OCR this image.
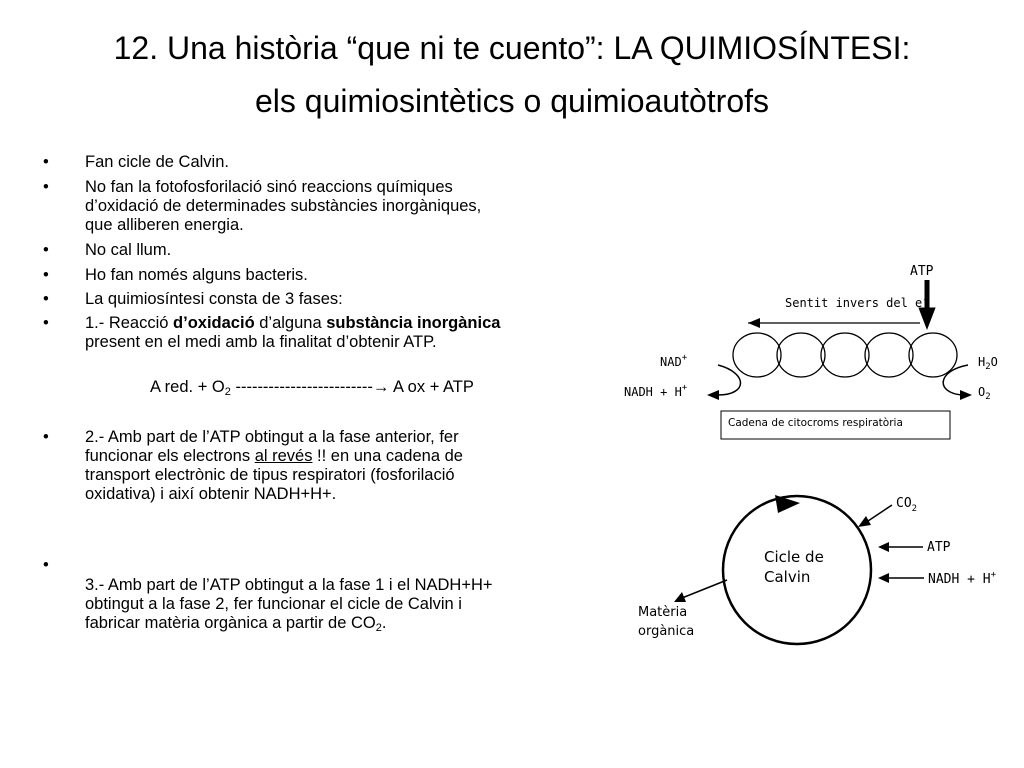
12. Una història “que ni te cuento”: LA QUIMIOSÍNTESI:
els quimiosintètics o quimioautòtrofs
• Fan cicle de Calvin.
• No fan la fotofosforilació sinó reaccions químiques
d’oxidació de determinades substàncies inorgàniques,
que alliberen energia.
• No cal llum.
• Ho fan només alguns bacteris.
• La quimiosíntesi consta de 3 fases:
• 1.- Reacció d’oxidació d’alguna substància inorgànica
present en el medi amb la finalitat d’obtenir ATP.
• 2.- Amb part de l’ATP obtingut a la fase anterior, fer
funcionar els electrons al revés !! en una cadena de
transport electrònic de tipus respiratori (fosforilació
oxidativa) i així obtenir NADH+H+.
•
3.- Amb part de l’ATP obtingut a la fase 1 i el NADH+H+
obtingut a la fase 2, fer funcionar el cicle de Calvin i
fabricar matèria orgànica a partir de $CO_2$.
A red. + $O_2$ -------------------------→ A ox + ATP
ATP
Sentit invers del e-
NAD+
NADH + H+
$H_2O$
$O_2$
Cadena de citocroms respiratòria
$CO_2$
ATP
NADH + H+
Cicle de Calvin
Matèria orgànica
